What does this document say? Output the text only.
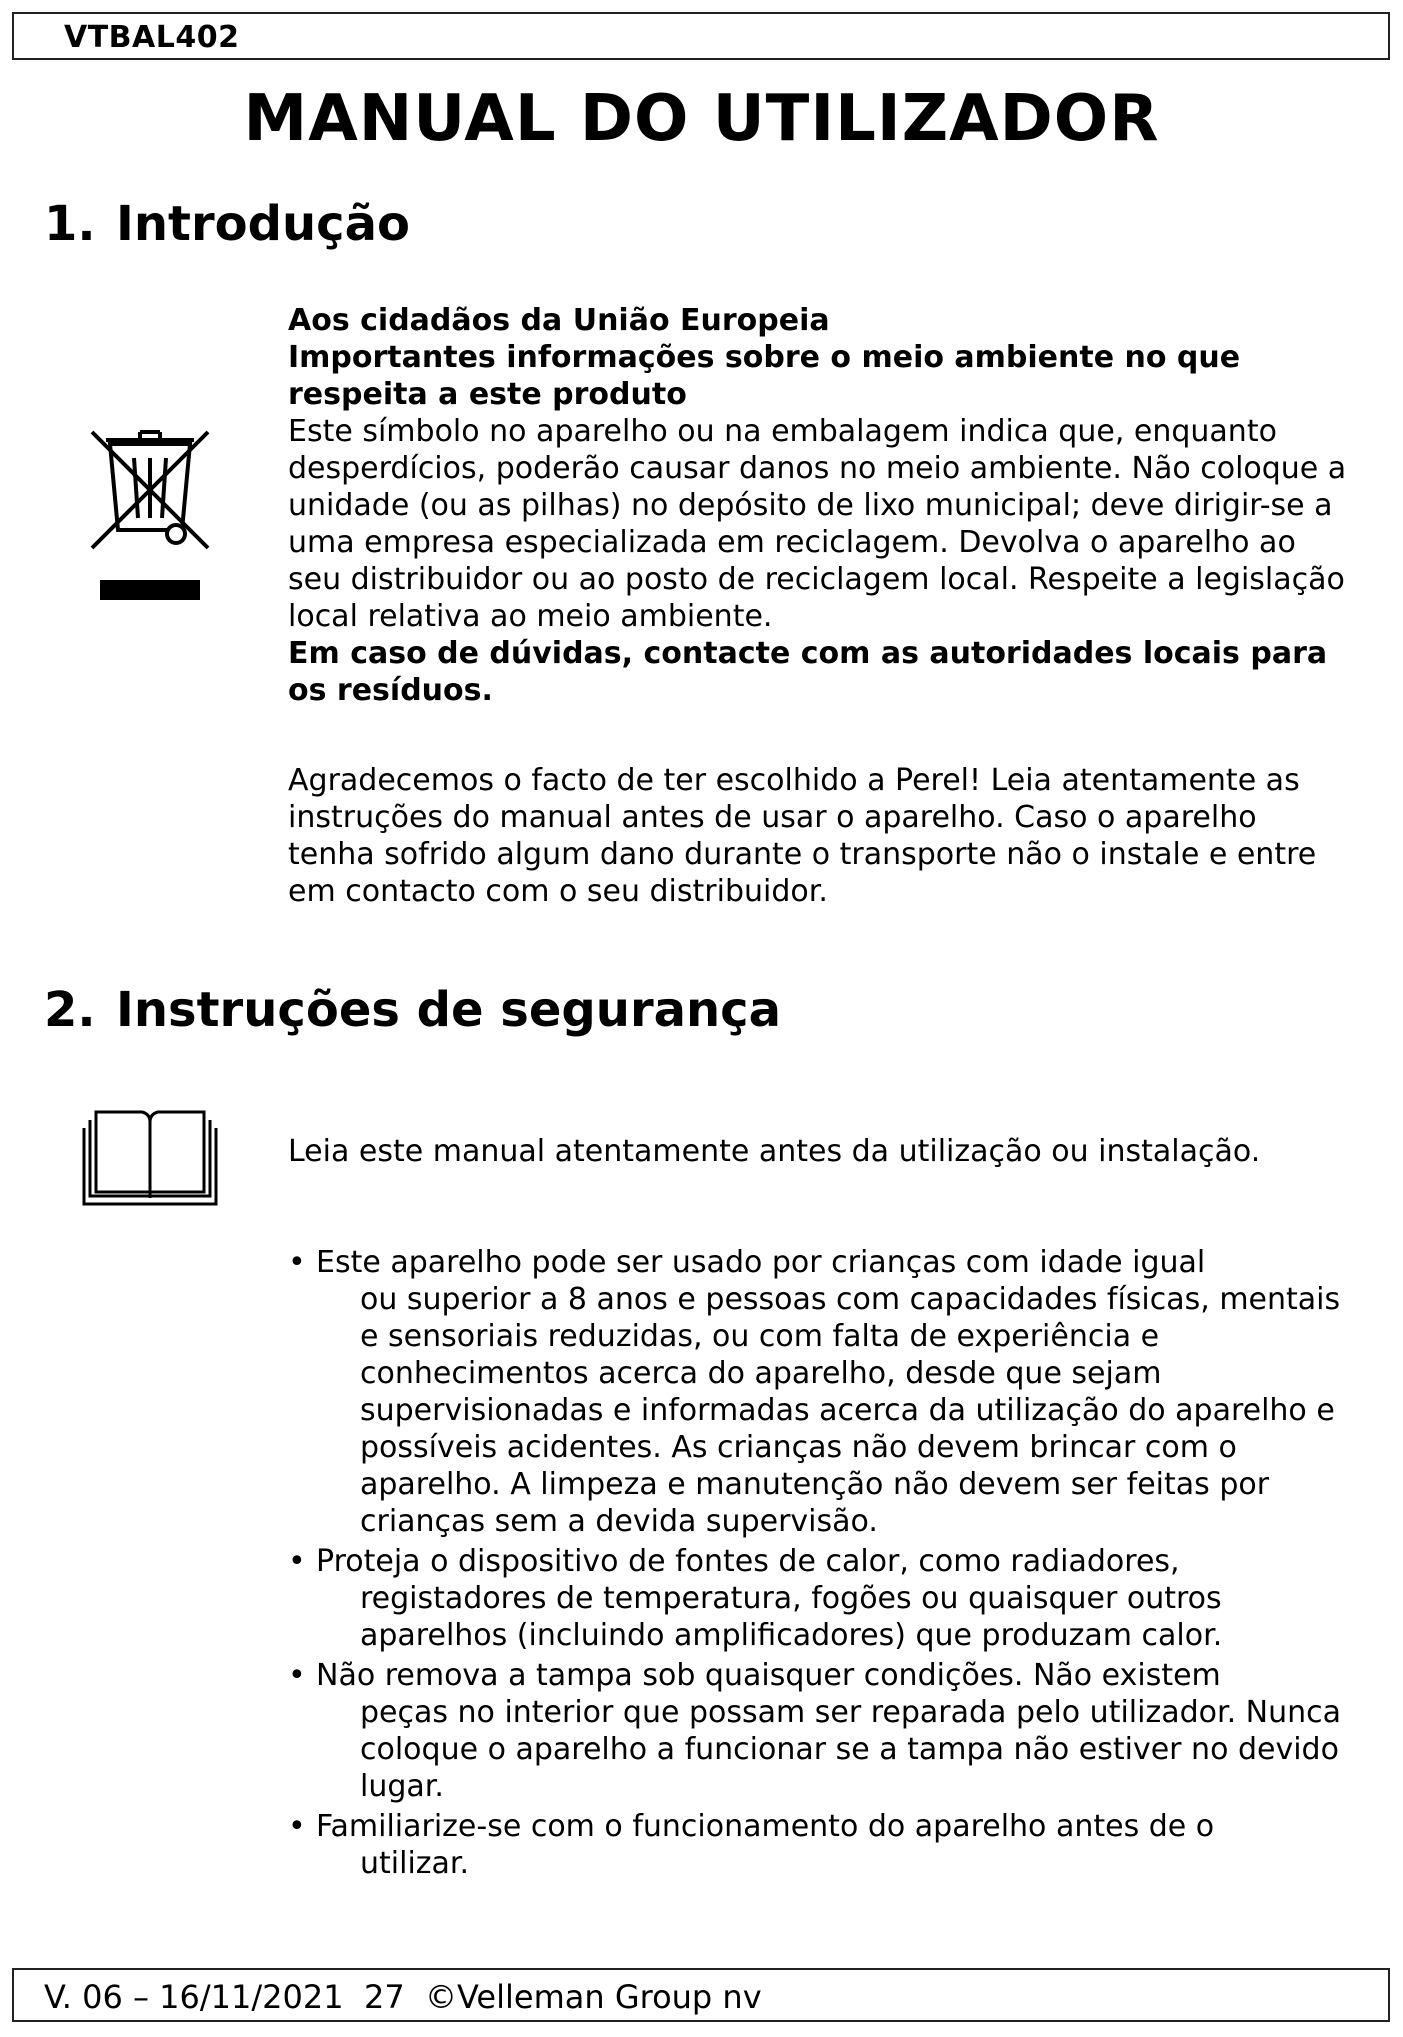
VTBAL402
MANUAL DO UTILIZADOR
1. Introdução

Aos cidadãos da União Europeia

Importantes informações sobre o meio ambiente no que respeita a este produto

Este símbolo no aparelho ou na embalagem indica que, enquanto desperdícios, poderão causar danos no meio ambiente. Não coloque a unidade (ou as pilhas) no depósito de lixo municipal; deve dirigir-se a uma empresa especializada em reciclagem. Devolva o aparelho ao seu distribuidor ou ao posto de reciclagem local. Respeite a legislação local relativa ao meio ambiente.

Em caso de dúvidas, contacte com as autoridades locais para os resíduos.

Agradecemos o facto de ter escolhido a Perel! Leia atentamente as instruções do manual antes de usar o aparelho. Caso o aparelho tenha sofrido algum dano durante o transporte não o instale e entre em contacto com o seu distribuidor.

2. Instruções de segurança

Leia este manual atentamente antes da utilização ou instalação.

• Este aparelho pode ser usado por crianças com idade igual
ou superior a 8 anos e pessoas com capacidades físicas, mentais e sensoriais reduzidas, ou com falta de experiência e conhecimentos acerca do aparelho, desde que sejam supervisionadas e informadas acerca da utilização do aparelho e possíveis acidentes. As crianças não devem brincar com o aparelho. A limpeza e manutenção não devem ser feitas por crianças sem a devida supervisão.
• Proteja o dispositivo de fontes de calor, como radiadores,
registadores de temperatura, fogões ou quaisquer outros aparelhos (incluindo amplificadores) que produzam calor.
• Não remova a tampa sob quaisquer condições. Não existem
peças no interior que possam ser reparada pelo utilizador. Nunca coloque o aparelho a funcionar se a tampa não estiver no devido lugar.
• Familiarize-se com o funcionamento do aparelho antes de o
utilizar.
V. 06 – 16/11/2021 27 ©Velleman Group nv
